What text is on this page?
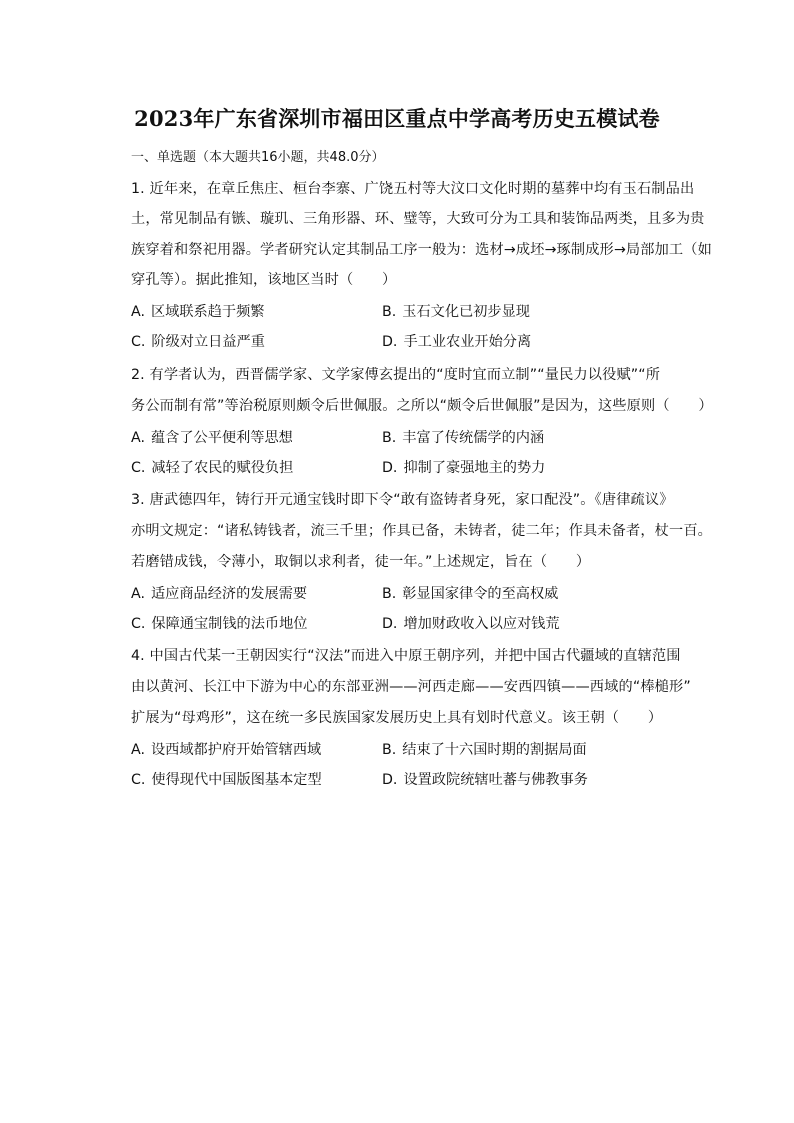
2023年广东省深圳市福田区重点中学高考历史五模试卷
一、单选题（本大题共16小题，共48.0分）
1. 近年来，在章丘焦庄、桓台李寨、广饶五村等大汶口文化时期的墓葬中均有玉石制品出
土，常见制品有镞、璇玑、三角形器、环、璧等，大致可分为工具和装饰品两类，且多为贵
族穿着和祭祀用器。学者研究认定其制品工序一般为：选材→成坯→琢制成形→局部加工（如
穿孔等）。据此推知，该地区当时（　　）
A. 区域联系趋于频繁	B. 玉石文化已初步显现
C. 阶级对立日益严重	D. 手工业农业开始分离
2. 有学者认为，西晋儒学家、文学家傅玄提出的“度时宜而立制”“量民力以役赋”“所
务公而制有常”等治税原则颇令后世佩服。之所以“颇令后世佩服”是因为，这些原则（　　）
A. 蕴含了公平便利等思想	B. 丰富了传统儒学的内涵
C. 减轻了农民的赋役负担	D. 抑制了豪强地主的势力
3. 唐武德四年，铸行开元通宝钱时即下令“敢有盗铸者身死，家口配没”。《唐律疏议》
亦明文规定：“诸私铸钱者，流三千里；作具已备，未铸者，徒二年；作具未备者，杖一百。
若磨错成钱，令薄小，取铜以求利者，徒一年。”上述规定，旨在（　　）
A. 适应商品经济的发展需要	B. 彰显国家律令的至高权威
C. 保障通宝制钱的法币地位	D. 增加财政收入以应对钱荒
4. 中国古代某一王朝因实行“汉法”而进入中原王朝序列，并把中国古代疆域的直辖范围
由以黄河、长江中下游为中心的东部亚洲——河西走廊——安西四镇——西域的“棒槌形”
扩展为“母鸡形”，这在统一多民族国家发展历史上具有划时代意义。该王朝（　　）
A. 设西域都护府开始管辖西域	B. 结束了十六国时期的割据局面
C. 使得现代中国版图基本定型	D. 设置政院统辖吐蕃与佛教事务
